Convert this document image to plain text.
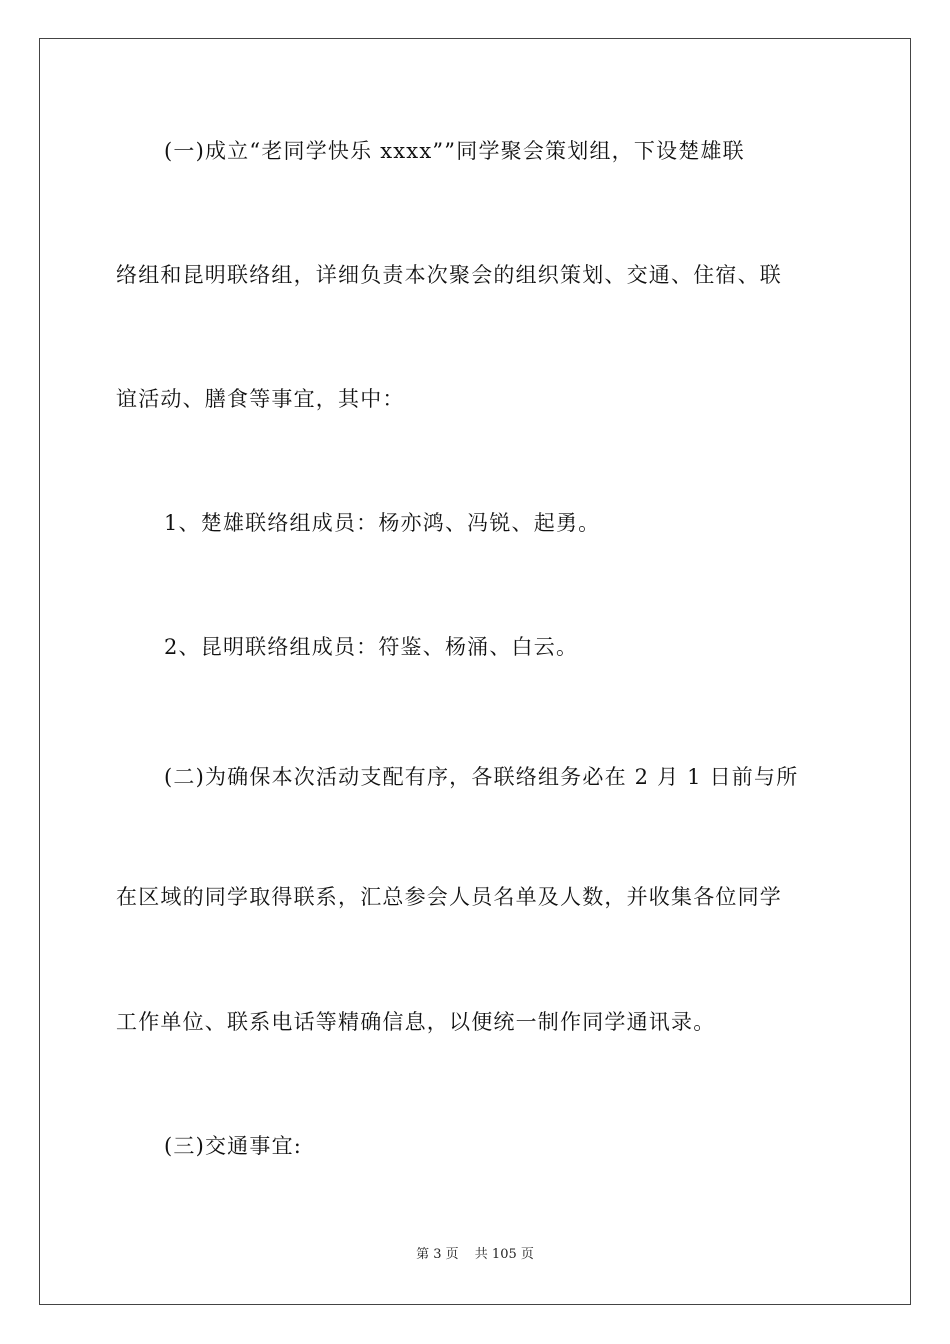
(一)成立“老同学快乐 xxxx””同学聚会策划组，下设楚雄联

络组和昆明联络组，详细负责本次聚会的组织策划、交通、住宿、联

谊活动、膳食等事宜，其中：

1、楚雄联络组成员：杨亦鸿、冯锐、起勇。

2、昆明联络组成员：符鉴、杨涌、白云。

(二)为确保本次活动支配有序，各联络组务必在 2 月 1 日前与所

在区域的同学取得联系，汇总参会人员名单及人数，并收集各位同学

工作单位、联系电话等精确信息，以便统一制作同学通讯录。

(三)交通事宜:

第 3 页 共 105 页
